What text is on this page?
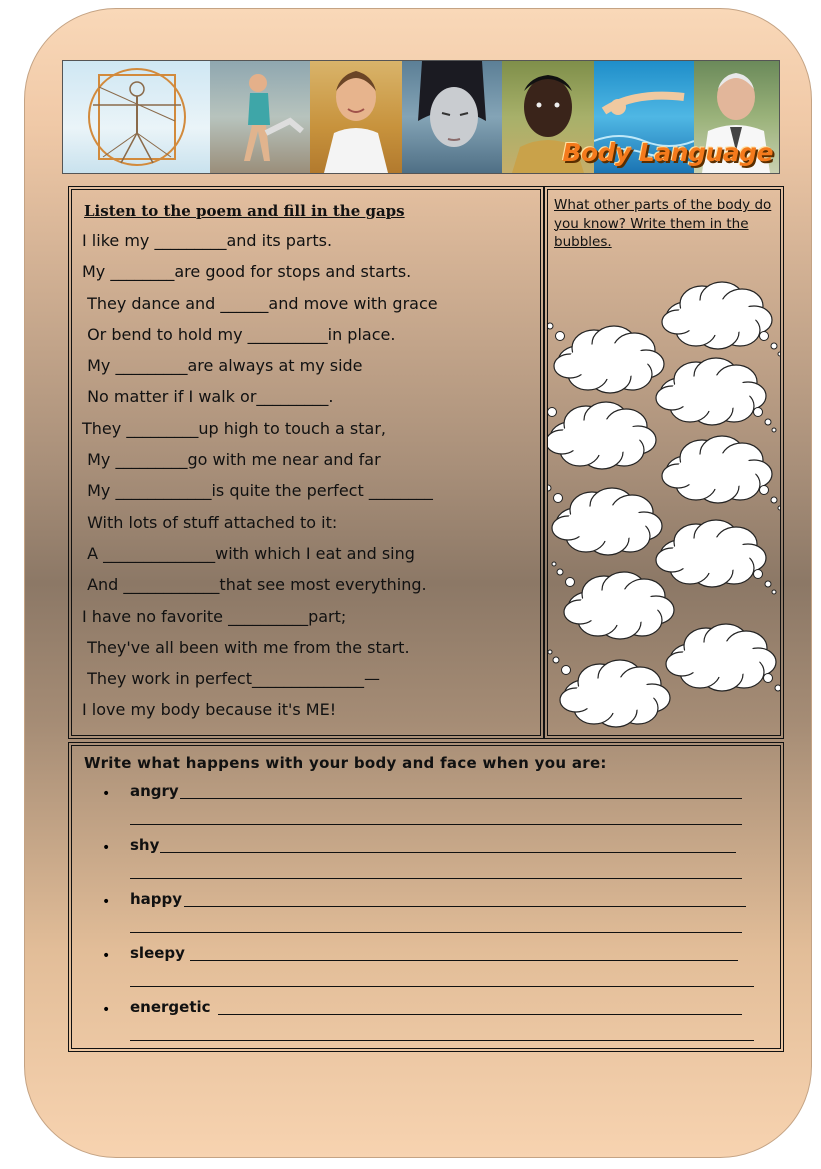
Body Language
Listen to the poem and fill in the gaps
I like my _________and its parts.
My ________are good for stops and starts.
They dance and ______and move with grace
Or bend to hold my __________in place.
My _________are always at my side
No matter if I walk or_________.
They _________up high to touch a star,
My _________go with me near and far
My ____________is quite the perfect ________
With lots of stuff attached to it:
A ______________with which I eat and sing
And ____________that see most everything.
I have no favorite __________part;
They've all been with me from the start.
They work in perfect______________—
I love my body because it's ME!
What other parts of the body do you know? Write them in the bubbles.
Write what happens with your body and face when you are:
• angry
• shy
• happy
• sleepy
• energetic
